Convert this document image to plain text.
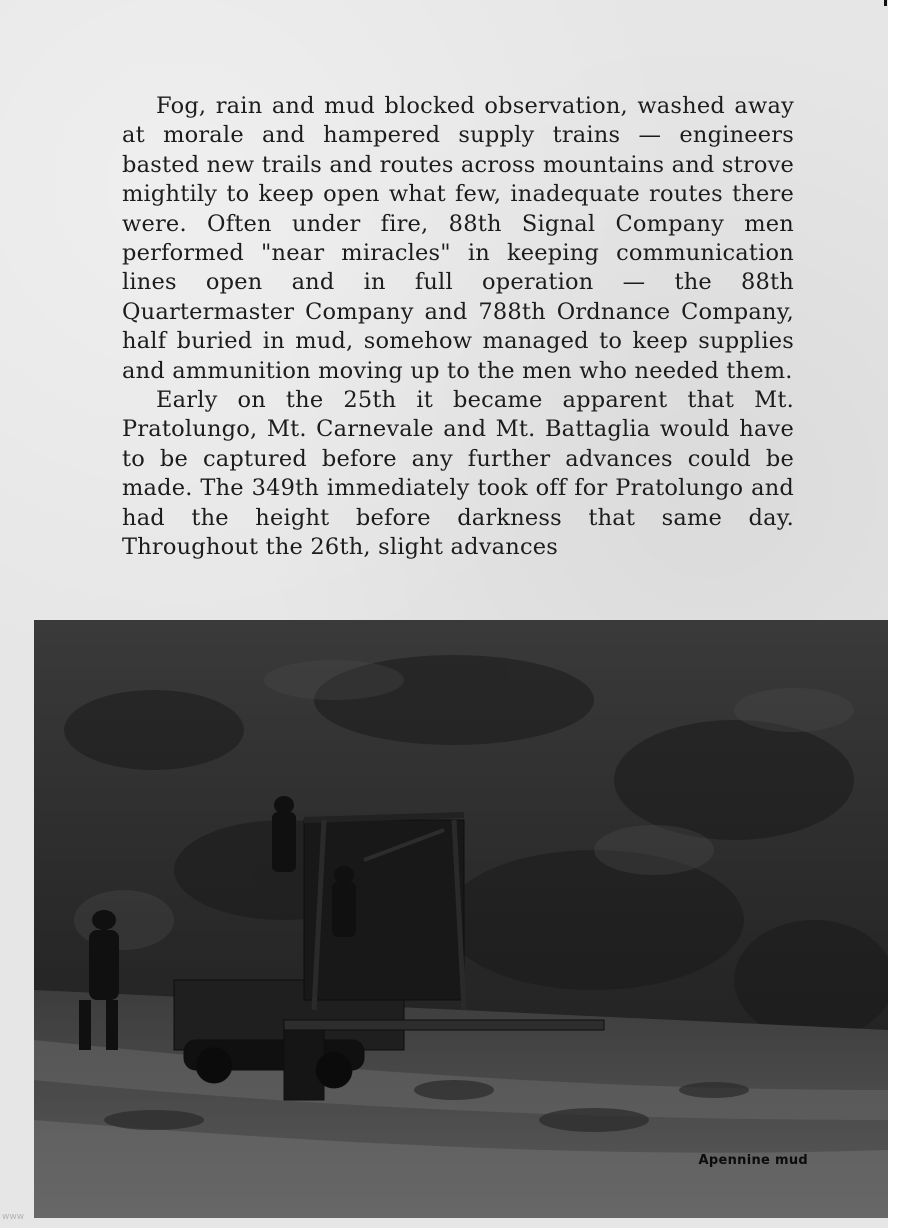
Fog, rain and mud blocked observation, washed away at morale and hampered supply trains — engineers basted new trails and routes across mountains and strove mightily to keep open what few, inadequate routes there were. Often under fire, 88th Signal Company men performed "near miracles" in keeping communication lines open and in full operation — the 88th Quartermaster Company and 788th Ordnance Company, half buried in mud, somehow managed to keep supplies and ammunition moving up to the men who needed them.

Early on the 25th it became apparent that Mt. Pratolungo, Mt. Carnevale and Mt. Battaglia would have to be captured before any further advances could be made. The 349th immediately took off for Pratolungo and had the height before darkness that same day. Throughout the 26th, slight advances

Apennine mud
www
